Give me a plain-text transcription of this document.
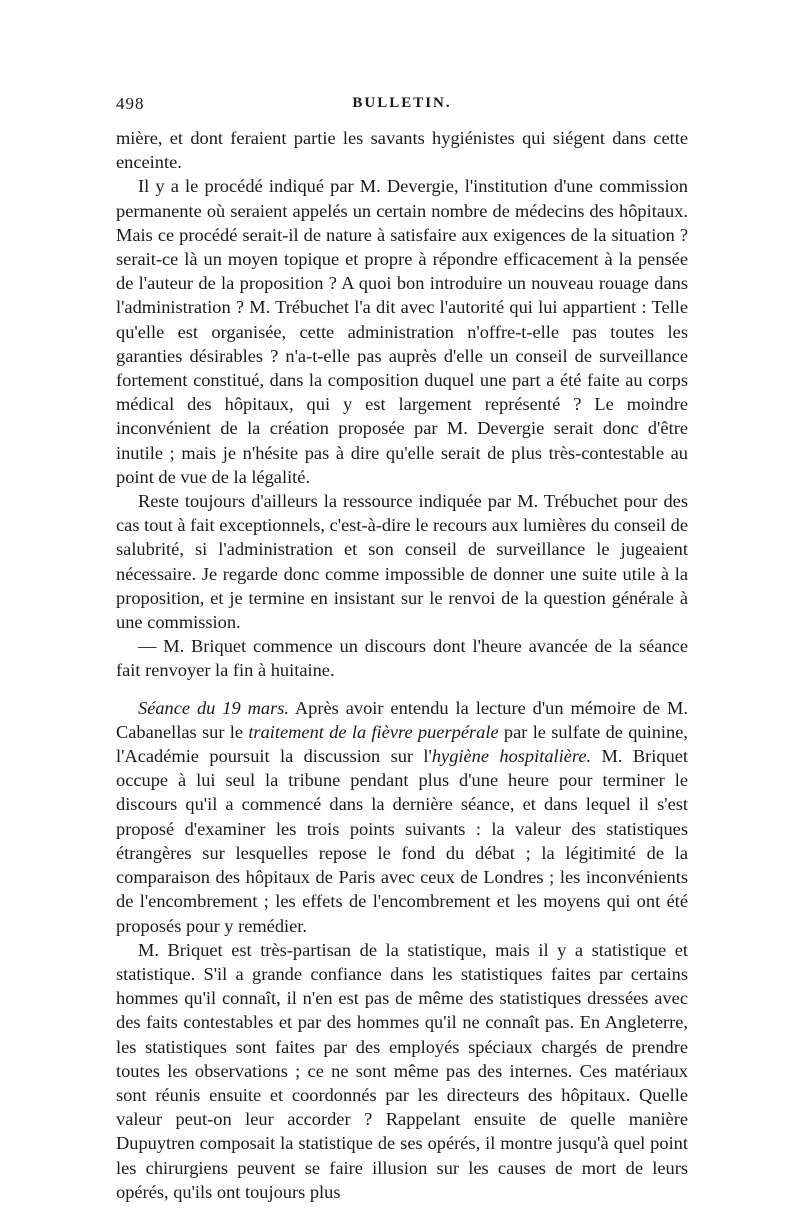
498	BULLETIN.

mière, et dont feraient partie les savants hygiénistes qui siégent dans cette enceinte.

Il y a le procédé indiqué par M. Devergie, l'institution d'une commission permanente où seraient appelés un certain nombre de médecins des hôpitaux. Mais ce procédé serait-il de nature à satisfaire aux exigences de la situation ? serait-ce là un moyen topique et propre à répondre efficacement à la pensée de l'auteur de la proposition ? A quoi bon introduire un nouveau rouage dans l'administration ? M. Trébuchet l'a dit avec l'autorité qui lui appartient : Telle qu'elle est organisée, cette administration n'offre-t-elle pas toutes les garanties désirables ? n'a-t-elle pas auprès d'elle un conseil de surveillance fortement constitué, dans la composition duquel une part a été faite au corps médical des hôpitaux, qui y est largement représenté ? Le moindre inconvénient de la création proposée par M. Devergie serait donc d'être inutile ; mais je n'hésite pas à dire qu'elle serait de plus très-contestable au point de vue de la légalité.

Reste toujours d'ailleurs la ressource indiquée par M. Trébuchet pour des cas tout à fait exceptionnels, c'est-à-dire le recours aux lumières du conseil de salubrité, si l'administration et son conseil de surveillance le jugeaient nécessaire. Je regarde donc comme impossible de donner une suite utile à la proposition, et je termine en insistant sur le renvoi de la question générale à une commission.

— M. Briquet commence un discours dont l'heure avancée de la séance fait renvoyer la fin à huitaine.

Séance du 19 mars. Après avoir entendu la lecture d'un mémoire de M. Cabanellas sur le traitement de la fièvre puerpérale par le sulfate de quinine, l'Académie poursuit la discussion sur l'hygiène hospitalière. M. Briquet occupe à lui seul la tribune pendant plus d'une heure pour terminer le discours qu'il a commencé dans la dernière séance, et dans lequel il s'est proposé d'examiner les trois points suivants : la valeur des statistiques étrangères sur lesquelles repose le fond du débat ; la légitimité de la comparaison des hôpitaux de Paris avec ceux de Londres ; les inconvénients de l'encombrement ; les effets de l'encombrement et les moyens qui ont été proposés pour y remédier.

M. Briquet est très-partisan de la statistique, mais il y a statistique et statistique. S'il a grande confiance dans les statistiques faites par certains hommes qu'il connaît, il n'en est pas de même des statistiques dressées avec des faits contestables et par des hommes qu'il ne connaît pas. En Angleterre, les statistiques sont faites par des employés spéciaux chargés de prendre toutes les observations ; ce ne sont même pas des internes. Ces matériaux sont réunis ensuite et coordonnés par les directeurs des hôpitaux. Quelle valeur peut-on leur accorder ? Rappelant ensuite de quelle manière Dupuytren composait la statistique de ses opérés, il montre jusqu'à quel point les chirurgiens peuvent se faire illusion sur les causes de mort de leurs opérés, qu'ils ont toujours plus
